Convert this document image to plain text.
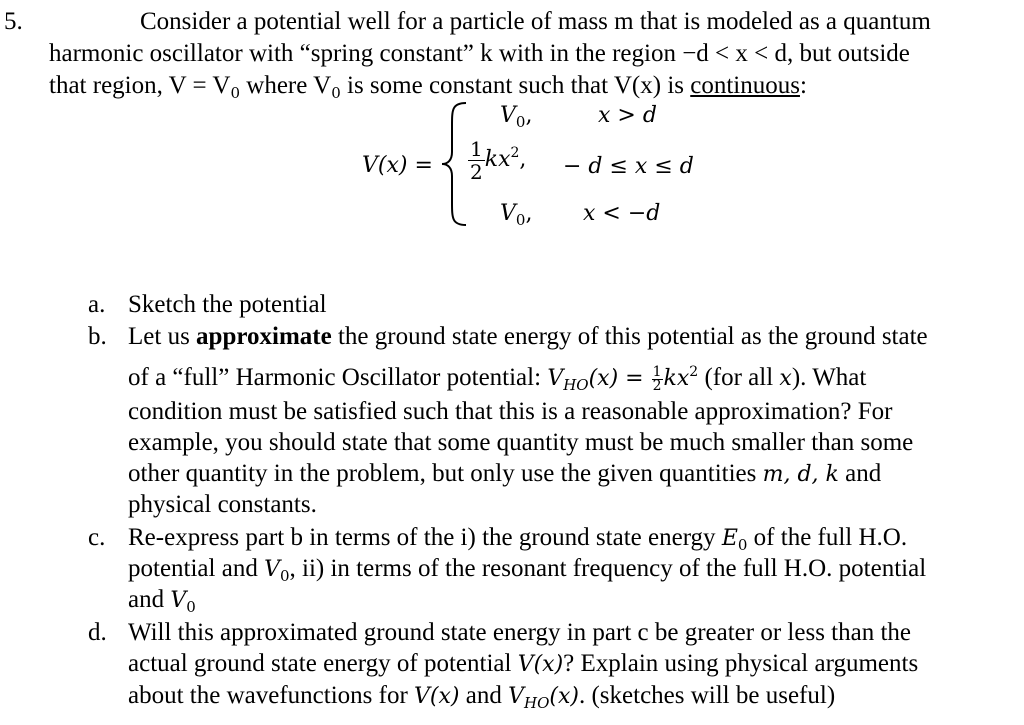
5.	Consider a potential well for a particle of mass m that is modeled as a quantum
harmonic oscillator with “spring constant” k with in the region −d < x < d, but outside
that region, $V = V_0$ where $V_0$ is some constant such that V(x) is continuous:
V(x) =
$V_0$,	x > d
$\frac{1}{2} kx^2$, − d ≤ x ≤ d
$V_0$, x < −d
a. Sketch the potential
b. Let us approximate the ground state energy of this potential as the ground state
of a “full” Harmonic Oscillator potential: $V_{HO}(x) = \frac{1}{2} kx^2$ (for all x). What
condition must be satisfied such that this is a reasonable approximation? For
example, you should state that some quantity must be much smaller than some
other quantity in the problem, but only use the given quantities m, d, k and
physical constants.
c. Re-express part b in terms of the i) the ground state energy $E_0$ of the full H.O.
potential and $V_0$, ii) in terms of the resonant frequency of the full H.O. potential
and $V_0$
d. Will this approximated ground state energy in part c be greater or less than the
actual ground state energy of potential V(x)? Explain using physical arguments
about the wavefunctions for V(x) and $V_{HO}(x)$. (sketches will be useful)
